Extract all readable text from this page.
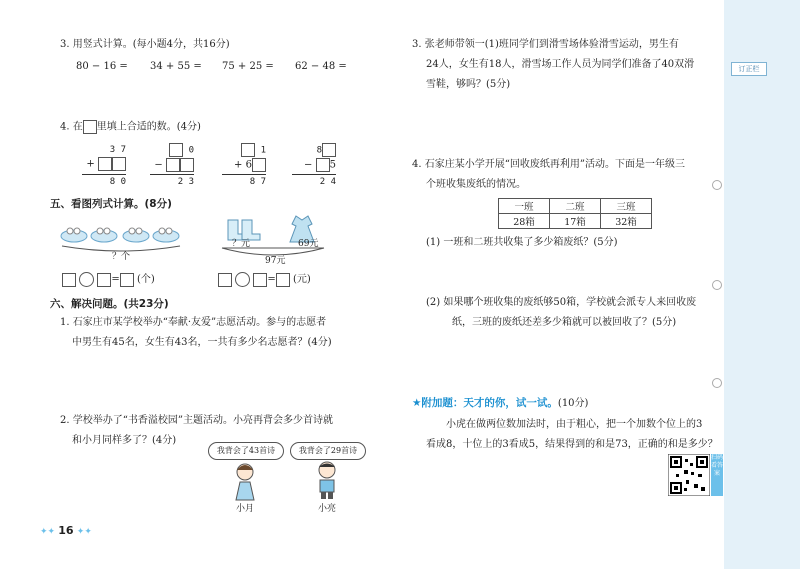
订正栏
3. 用竖式计算。(每小题4分，共16分)
80 − 16 = 34 + 55 = 75 + 25 = 62 − 48 =
4. 在 里填上合适的数。(4分)
3 7
+
8 0
0
−
2 3
1
+ 6
8 7
8
− 5
2 4
五、看图列式计算。(8分)
？个
？元	69元
97元
= (个)	= (元)
六、解决问题。(共23分)
1. 石家庄市某学校举办“奉献·友爱”志愿活动。参与的志愿者
中男生有45名，女生有43名，一共有多少名志愿者？(4分)
2. 学校举办了“书香溢校园”主题活动。小亮再背会多少首诗就
和小月同样多了？(4分)
我背会了43首诗	我背会了29首诗
小月	小亮
✦✦ 16 ✦✦
3. 张老师带领一(1)班同学们到滑雪场体验滑雪运动，男生有
24人，女生有18人，滑雪场工作人员为同学们准备了40双滑
雪鞋，够吗？(5分)
4. 石家庄某小学开展“回收废纸再利用”活动。下面是一年级三
个班收集废纸的情况。
一班	二班	三班
28箱	17箱	32箱
(1) 一班和二班共收集了多少箱废纸？(5分)
(2) 如果哪个班收集的废纸够50箱，学校就会派专人来回收废
纸，三班的废纸还差多少箱就可以被回收了？(5分)
★附加题：天才的你，试一试。(10分)
小虎在做两位数加法时，由于粗心，把一个加数个位上的3
看成8，十位上的3看成5，结果得到的和是73，正确的和是多少？
扫码看答案
